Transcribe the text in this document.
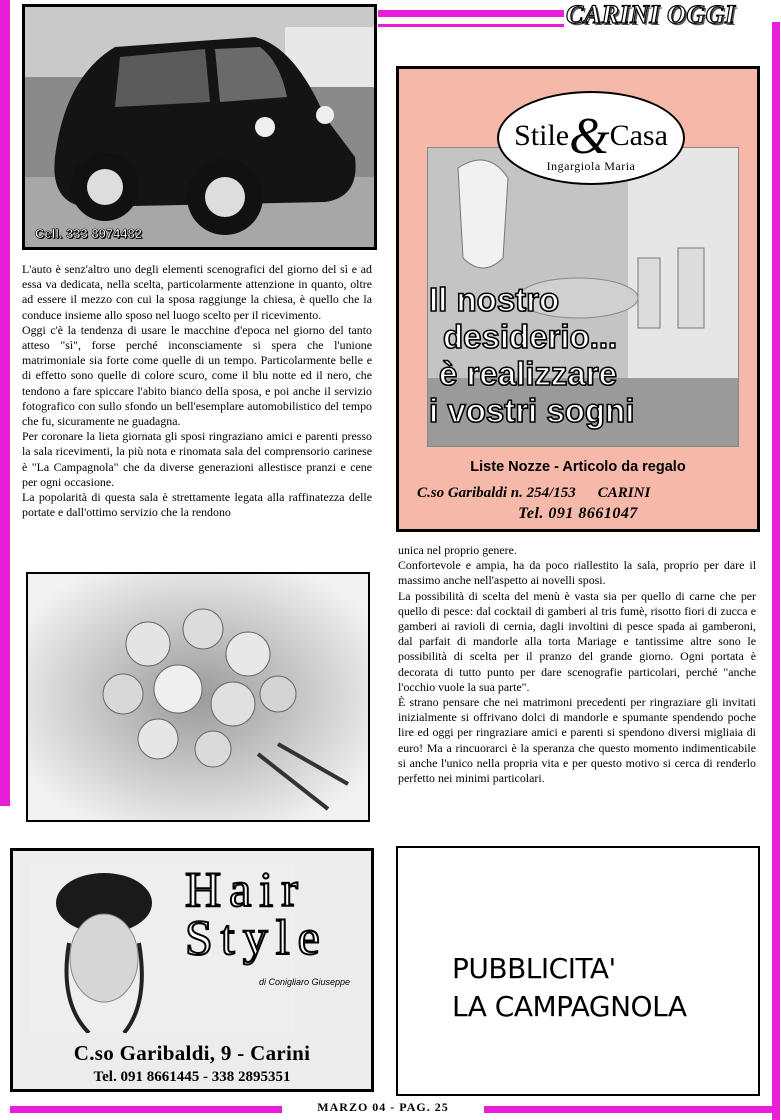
CARINI OGGI
Cell. 333 8974482

L'auto è senz'altro uno degli elementi scenografici del giorno del sì e ad essa va dedicata, nella scelta, particolarmente attenzione in quanto, oltre ad essere il mezzo con cui la sposa raggiunge la chiesa, è quello che la conduce insieme allo sposo nel luogo scelto per il ricevimento.

Oggi c'è la tendenza di usare le macchine d'epoca nel giorno del tanto atteso "sì", forse perché inconsciamente si spera che l'unione matrimoniale sia forte come quelle di un tempo. Particolarmente belle e di effetto sono quelle di colore scuro, come il blu notte ed il nero, che tendono a fare spiccare l'abito bianco della sposa, e poi anche il servizio fotografico con sullo sfondo un bell'esemplare automobilistico del tempo che fu, sicuramente ne guadagna.

Per coronare la lieta giornata gli sposi ringraziano amici e parenti presso la sala ricevimenti, la più nota e rinomata sala del comprensorio carinese è "La Campagnola" che da diverse generazioni allestisce pranzi e cene per ogni occasione.

La popolarità di questa sala è strettamente legata alla raffinatezza delle portate e dall'ottimo servizio che la rendono

Stile&Casa
Ingargiola Maria
Il nostro
desiderio...
è realizzare
i vostri sogni
Liste Nozze - Articolo da regalo
C.so Garibaldi n. 254/153 CARINI
Tel. 091 8661047

unica nel proprio genere.

Confortevole e ampia, ha da poco riallestito la sala, proprio per dare il massimo anche nell'aspetto ai novelli sposi.

La possibilità di scelta del menù è vasta sia per quello di carne che per quello di pesce: dal cocktail di gamberi al tris fumè, risotto fiori di zucca e gamberi ai ravioli di cernia, dagli involtini di pesce spada ai gamberoni, dal parfait di mandorle alla torta Mariage e tantissime altre sono le possibilità di scelta per il pranzo del grande giorno. Ogni portata è decorata di tutto punto per dare scenografie particolari, perché "anche l'occhio vuole la sua parte".

È strano pensare che nei matrimoni precedenti per ringraziare gli invitati inizialmente si offrivano dolci di mandorle e spumante spendendo poche lire ed oggi per ringraziare amici e parenti si spendono diversi migliaia di euro! Ma a rincuorarci è la speranza che questo momento indimenticabile si anche l'unico nella propria vita e per questo motivo si cerca di renderlo perfetto nei minimi particolari.

Hair
Style
di Conigliaro Giuseppe
C.so Garibaldi, 9 - Carini
Tel. 091 8661445 - 338 2895351
PUBBLICITA'
LA CAMPAGNOLA
MARZO 04 - PAG. 25
